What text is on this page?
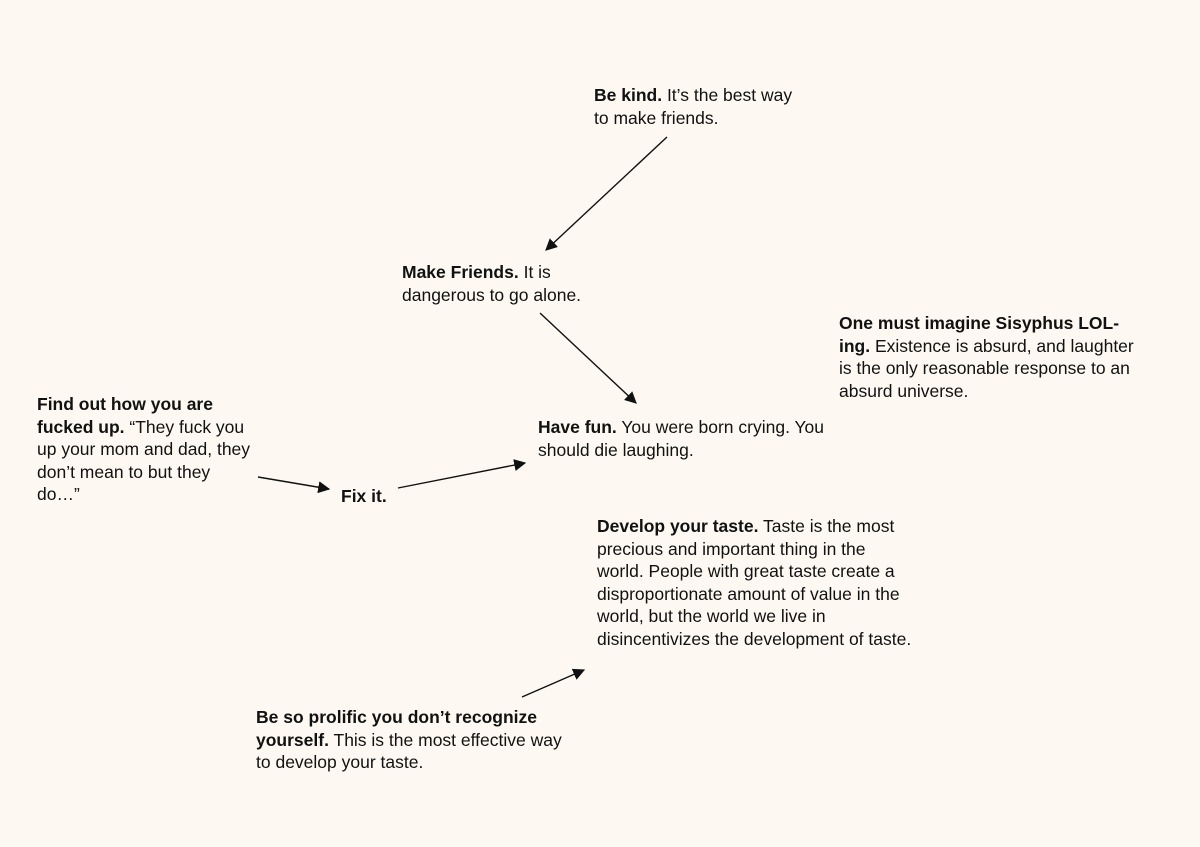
Be kind. It’s the best way to make friends.

Make Friends. It is dangerous to go alone.

One must imagine Sisyphus LOL-ing. Existence is absurd, and laughter is the only reasonable response to an absurd universe.

Find out how you are fucked up. “They fuck you up your mom and dad, they don’t mean to but they do…”	Fix it.

Have fun. You were born crying. You should die laughing.

Develop your taste. Taste is the most precious and important thing in the world. People with great taste create a disproportionate amount of value in the world, but the world we live in disincentivizes the development of taste.

Be so prolific you don’t recognize yourself. This is the most effective way to develop your taste.
